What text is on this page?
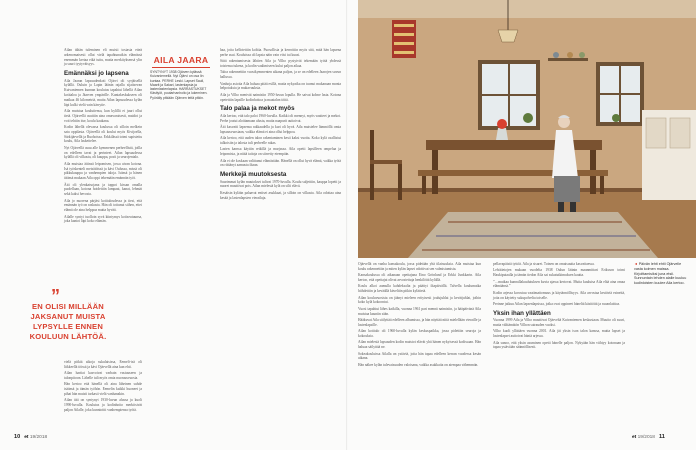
Ailan tähän tuleminen eli muisti tosiasia etteä arkenomaisesti ollut vielä tapahtunutkin elämässä enemmän kertaa eikä tuttu, mutta merkityksensä ylin ja suuri tyytyväisyys.

Emännäksi jo lapsena

Aila Jaaran lapsuudenkoti Ojärvi oli syrjäisellä kylällä. Ouluin ja Lapin läänin rajalla sijaitsevan Kuivaniemen kunnan koulutus tapahtui lähellä Ailan kotitaloa ja Jäarven ympärille. Kuntakeskukseen oli matkaa 46 kilometriä, mutta Ailan lapsuudessa kylän läpi kulki vielä vain kärrytie.

Aila muistaa koulutiensa, kun kylillä ei juuri ollut tietä. Ojärvellä asuttiin aina omavaraisesti, maidot ja voit tehtiin itse, koulu kaukana.

Kodin lähellä olevassa koulussa oli silloin melkein sata oppilasta. Ojärvellä oli koulut myös Kivijoella, Särkijärvellä ja Ruohoissa. Erkkilässä toimi supistettu koulu, Aila laskettelee.

Nyt Ojärvellä asuu alle kymmenen perheellistä, joilla on edelleen tavat ja perinteet. Ailan lapsuudessa kylällä oli vilkasta, oli kauppa, posti ja seurojentalo.

Aila muistaa äitinsä leipomisen, jossa aivan kotona. Isä työskenteli metsätöissä ja kävi Oulussa, missä oli pikkukauppa ja vanhempien taloja. Isänsä ja hänen äitinsä mukaan Aila oppi tekemään emännän työt.

Äiti oli ylenkatsojana ja tappoi kissan omalla puolellaan, kotona hoidettiin lampaat, kanat, lehmät sekä kaksi hevosta.

Aila jo nuorena pärjäsi kotitaloudessa ja tiesi, että emännän työ on raskasta. Hän oli tottunut siihen, ettei elämä ole aina helppoa mutta hyvää.

Ailalle syntyi tuolloin syvä kiintymys kotiseutuunsa, joka kantoi läpi koko elämän.

vielä pitkiä aikoja sukulaisissa, Eemeli-isä oli liikkeellä töissä ja kävi Ojärvellä aina kun ehti.

Ailan hartiat kasvoivat varhain vastuuseen ja talonpitoon. Lähelle tuli myös omia nuoruusvuosia.

Hän kertoo että hänellä oli aina läheinen suhde isäänsä ja tämän työhön. Eemelin kaikki huoneet ja pihat hän muisti tarkasti vielä vanhanakin.

Ailan äiti on syntynyt 1930-luvun alussa ja kuoli 1990-luvulla. Koulutus ja kodinhoito merkitsivät paljon Ailalle, joka kunnioitti vanhempiensa työtä.

AILA JAARA
SYNTYNYT 1938 Ojärven kylässä Kuivaniemellä. Nyt Ojärvi on osa Iin kuntaa. PERHE Leski. Lapset Sauli, Maarit ja Sakari, lastenlapsia ja lastenlastenlapsia. HARRASTUKSET Käsityöt, puutarhanhoito ja lukeminen. Pyöräily pitkään Ojärven teitä pitkin.

haa, joita kellotettiin kolttia. Puosollisia ja kerrottiin myös sitä, mitä hän lapsena perhe asui. Kouluissa oli lapsia näin vain viisi tai kuusi.

Siitä rakentamisesta lähtien Aila ja Vilho pystyivät tekemään työtä yhdessä toistensa tukena, ja kodin vaalimiseen kului paljon aikaa.

Taloa rakennettiin vuosikymmenten aikana paljon, ja se on edelleen Jaarojen suvun hallussa.

Vanhoja asioita Aila haluaa pitää esillä, mutta nykyaika on tuonut mukanaan monia helpotuksia ja mukavuuksia.

Aila ja Vilho menivät naimisiin 1950-luvun lopulla. He saivat kolme lasta. Kotona opetettiin lapsille kodinhoitoa ja maatalon töitä.

Talo palaa ja mekot myös

Aila kertoo, että talo paloi 1960-luvulla. Kaikki oli mennyt, myös vaatteet ja mekot. Perhe joutui aloittamaan alusta, mutta naapurit auttoivat.

Äiti kasvatti lapsensa rakkaudella ja kuri oli hyvä. Aila muistelee lämmöllä omia lapsuusvuosiaan, vaikka elämä ei aina ollut helppoa.

Aila kertoo, että uuden talon rakentaminen kesti kaksi vuotta. Koko kylä osallistui talkoisiin ja talosta tuli perheelle rakas.

Lasten kanssa käytiin retkillä ja marjassa. Aila opetti lapsilleen ompelua ja leipomista, ja näitä taitoja on siirretty eteenpäin.

Aila ei ole koskaan valittanut elämästään. Hänellä on ollut hyvä elämä, vaikka työtä on riittänyt aamusta iltaan.

Merkkejä muutoksesta

Suurimmat kylän muutokset tulivat 1970-luvulla. Koulu suljettiin, kauppa lopetti ja nuoret muuttivat pois. Ailan mielestä kylä on silti elävä.

Kesäisin kylään palaavat entiset asukkaat, ja silloin on vilkasta. Aila odottaa aina kesää ja lastenlapsien vierailuja.

”
EN OLISI MILLÄÄN JAKSANUT MUISTA LYPSYLLE ENNEN KOULUUN LÄHTÖÄ.
10 et 19/2018

Ojärvellä on vanha kansakoulu, jossa pidetään yhä tilaisuuksia. Aila muistaa kun koulu rakennettiin ja miten kylän lapset odottivat sen valmistumista.

Kansakoulussa oli aikanaan opettajana Eino Grönlund ja Erkki Junkkarin. Aila kertoo, että opettajat olivat arvostettuja henkilöitä kylällä.

Koulu alkoi aamulla kahdeksalta ja päättyi iltapäivällä. Talvella koulumatka hiihdettiin ja keväällä käveltiin pitkin kylätietä.

Ailan kouluvuosista on jäänyt mieleen erityisesti joulujuhlat ja kevätjuhlat, joihin koko kylä kokoontui.

Vuosi tapahtui lähes kaikilla, vuonna 1961 pari mennä naimisiin, ja hääpäivänä Aila muistaa kauniin sään.

Hääkuvat Aila säilyttää edelleen albumissa, ja hän näyttää niitä mielellään vieraille ja lastenlapsille.

Ailan kotitalo oli 1960-luvulla kylän keskuspaikka, jossa pidettiin seuroja ja kokouksia.

Ailan mielestä lapsuuden kodin muistot elävät yhä hänen nykyisessä kodissaan. Hän haluaa säilyttää ne.

Sokeakouluissa Ailalla on ystäviä, joita hän tapaa edelleen kerran vuodessa kesän aikana.

Hän näkee kylän tulevaisuuden valoisana, vaikka asukkaita on aiempaa vähemmän.

pellavapäistä tyttöä. Aila ja sisaret. Toinen on omaisuutta kasvattaessa.

Lehtitietojen mukaan vuodelta 1938 Oulun läänin maanmittari Eriksson toimi Haukiputaalla ja tämän tiedon Aila sai sukututkimuksen kautta.

”…mutkaa kunnallakuulutuksen kuvia ajassa kertovat. Mutta kuuluisa Aila elää aina omaa elämäänsä.”

Kodin arjessa korostuu vaatimattomuus ja käytännöllisyys. Aila arvostaa kestäviä esineitä, joita on käytetty sukupolvelta toiselle.

Perinne jatkuu Ailan lapsenlapsissa, jotka ovat oppineet häneltä käsitöitä ja ruoanlaittoa.

Yksin ihan yllättäen

Vuonna 1999 Aila ja Vilho muuttivat Ojärveltä Kuivaniemen keskustaan. Muutto oli suuri, mutta välttämätön Vilhon sairauden vuoksi.

Vilho kuoli yllättäen vuonna 2001. Aila jäi yksin ison talon kanssa, mutta lapset ja lastenlapset auttoivat häntä arjessa.

Aila sanoo, että yksin asuminen opetti hänelle paljon. Nykyään hän viihtyy kotonaan ja tapaa ystäviään säännöllisesti.

et 19/2018 11
◄ Päivän lehti ehtii Ojärvelle vasta kolmen maissa. Kirjoittamisiksi juna etsii. Sunnuntain lehden alalle kuuluu kudinloisten kuulee Aila kertoo.
